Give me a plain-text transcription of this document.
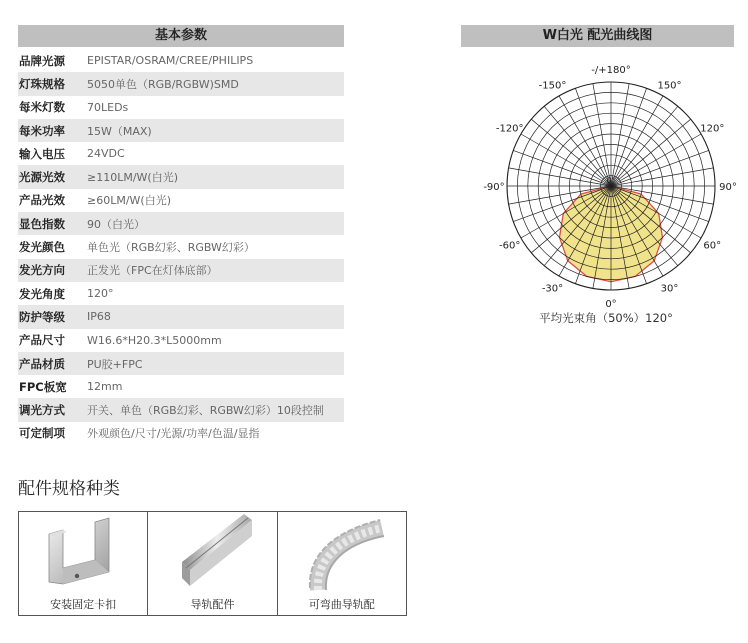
基本参数
品牌光源	EPISTAR/OSRAM/CREE/PHILIPS
灯珠规格	5050单色（RGB/RGBW)SMD
每米灯数	70LEDs
每米功率	15W（MAX)
输入电压	24VDC
光源光效	≥110LM/W(白光)
产品光效	≥60LM/W(白光)
显色指数	90（白光）
发光颜色	单色光（RGB幻彩、RGBW幻彩）
发光方向	正发光（FPC在灯体底部）
发光角度	120°
防护等级	IP68
产品尺寸	W16.6*H20.3*L5000mm
产品材质	PU胶+FPC
FPC板宽	12mm
调光方式	开关、单色（RGB幻彩、RGBW幻彩）10段控制
可定制项	外观颜色/尺寸/光源/功率/色温/显指
W白光 配光曲线图
-/+180°
-150°	150°
-120°	120°
-90°	90°
-60°	60°
-30°	30°
0°
0°
平均光束角（50%）120°
配件规格种类
安装固定卡扣	导轨配件	可弯曲导轨配
